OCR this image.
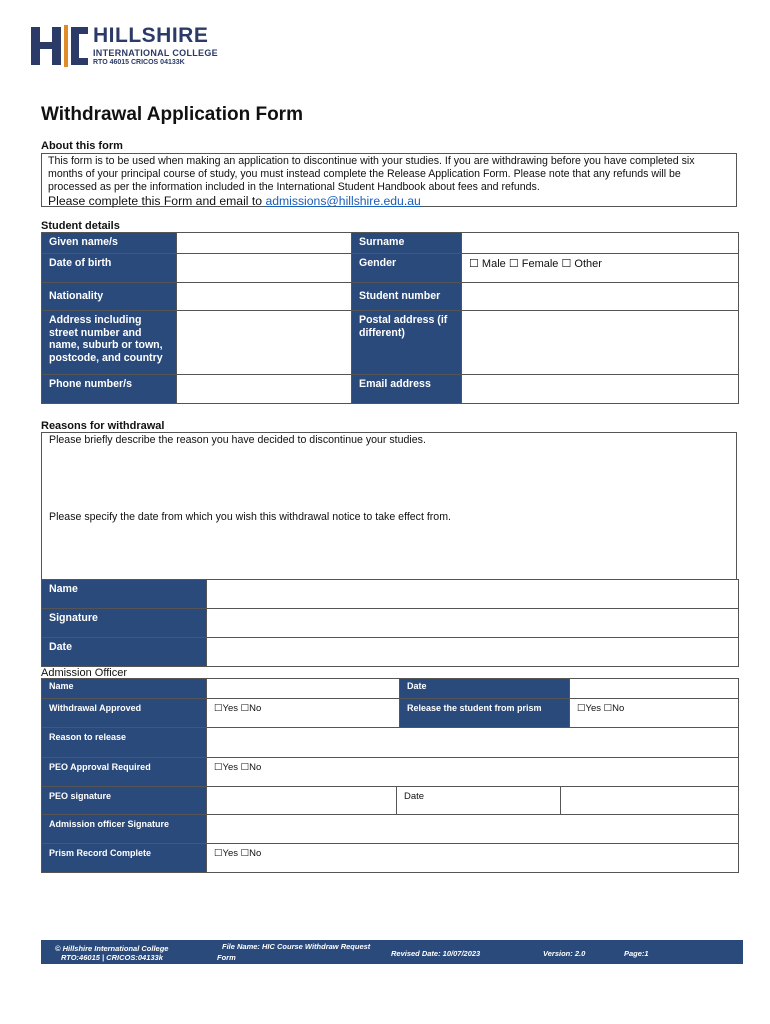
HILLSHIRE
INTERNATIONAL COLLEGE
RTO 46015 CRICOS 04133K
Withdrawal Application Form
About this form
This form is to be used when making an application to discontinue with your studies. If you are withdrawing before you have completed six months of your principal course of study, you must instead complete the Release Application Form. Please note that any refunds will be processed as per the information included in the International Student Handbook about fees and refunds.
Please complete this Form and email to admissions@hillshire.edu.au
Student details
Given name/s		Surname	
Date of birth		Gender	☐ Male ☐ Female ☐ Other
Nationality		Student number	
Address including street number and name, suburb or town, postcode, and country		Postal address (if different)	
Phone number/s		Email address	
Reasons for withdrawal
Please briefly describe the reason you have decided to discontinue your studies.
Please specify the date from which you wish this withdrawal notice to take effect from.
Name	
Signature	
Date	
Admission Officer
Name		Date	
Withdrawal Approved	☐Yes ☐No	Release the student from prism	☐Yes ☐No
Reason to release			
PEO Approval Required	☐Yes ☐No		
PEO signature		Date	
Admission officer Signature			
Prism Record Complete	☐Yes ☐No		
© Hillshire International College
RTO:46015 | CRICOS:04133k
File Name: HIC Course Withdraw Request
Form	Revised Date: 10/07/2023	Version: 2.0	Page:1
